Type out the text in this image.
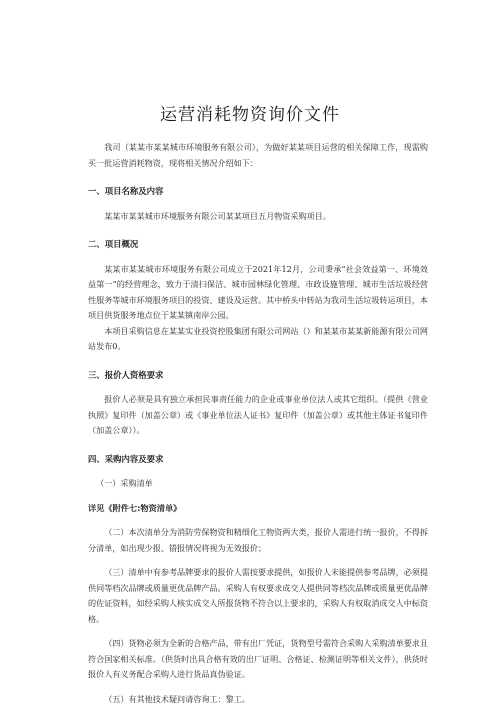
运营消耗物资询价文件

我司（某某市某某城市环境服务有限公司），为做好某某项目运营的相关保障工作，现需购买一批运营消耗物资，现将相关情况介绍如下：

一、项目名称及内容

某某市某某城市环境服务有限公司某某项目五月物资采购项目。

二、项目概况

某某市某某城市环境服务有限公司成立于2021年12月，公司秉承“社会效益第一、环境效益第一”的经营理念，致力于清扫保洁、城市园林绿化管理、市政设施管理、城市生活垃圾经营性服务等城市环境服务项目的投资、建设及运营。其中桥头中转站为我司生活垃圾转运项目，本项目供货服务地点位于某某镇南岸公园。

本项目采购信息在某某实业投资控股集团有限公司网站（）和某某市某某新能源有限公司网站发布0。

三、报价人资格要求

报价人必须是具有独立承担民事责任能力的企业或事业单位法人或其它组织。（提供《营业执照》复印件（加盖公章）或《事业单位法人证书》复印件（加盖公章）或其他主体证书复印件（加盖公章））。

四、采购内容及要求
（一）采购清单
详见《附件七:物资清单》

（二）本次清单分为消防劳保物资和精细化工物资两大类，报价人需进行统一报价，不得拆分清单，如出现少报、错报情况将视为无效报价；

（三）清单中有参考品牌要求的报价人需按要求提供，如报价人未能提供参考品牌，必须提供同等档次品牌或质量更优品牌产品。采购人有权要求成交人提供同等档次品牌或质量更优品牌的佐证资料，如经采购人核实成交人所报货物不符合以上要求的，采购人有权取消成交人中标资格。

（四）货物必须为全新的合格产品，带有出厂凭证，货物型号需符合采购人采购清单要求且符合国家相关标准。（供货时出具合格有效的出厂证明、合格证、检测证明等相关文件），供货时报价人有义务配合采购人进行货品真伪验证。

（五）有其他技术疑问请咨询工：黎工。
